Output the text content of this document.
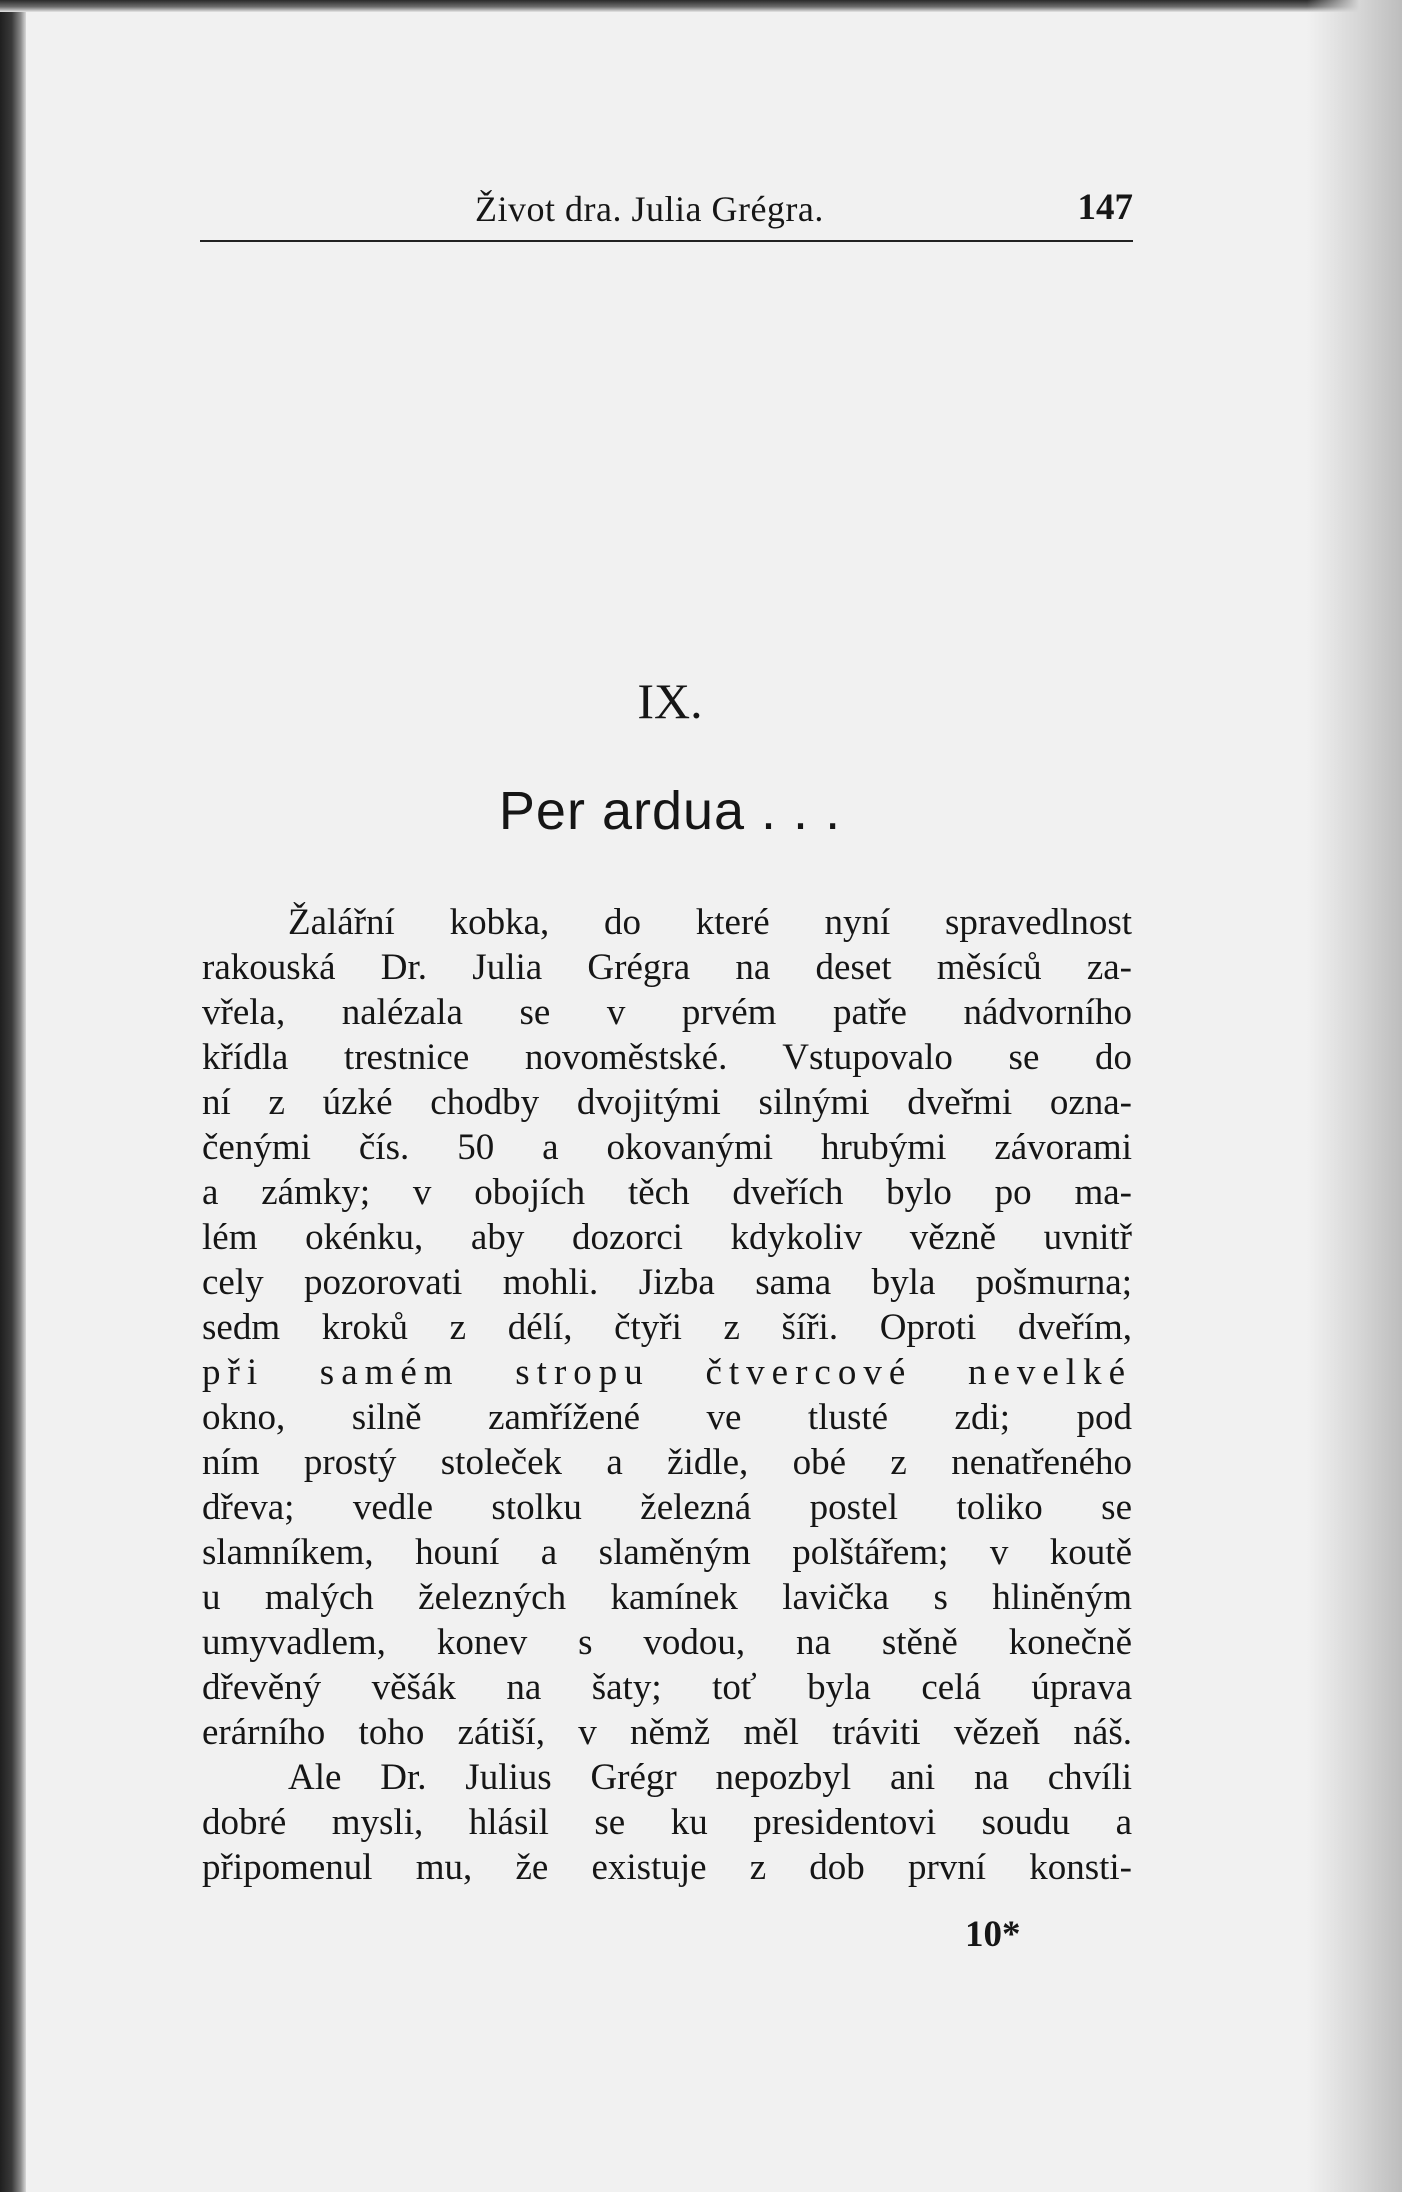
Život dra. Julia Grégra.	147
IX.
Per ardua . . .
Žalářní kobka, do které nyní spravedlnost
rakouská Dr. Julia Grégra na deset měsíců za-
vřela, nalézala se v prvém patře nádvorního
křídla trestnice novoměstské. Vstupovalo se do
ní z úzké chodby dvojitými silnými dveřmi ozna-
čenými čís. 50 a okovanými hrubými závorami
a zámky; v obojích těch dveřích bylo po ma-
lém okénku, aby dozorci kdykoliv vězně uvnitř
cely pozorovati mohli. Jizba sama byla pošmurna;
sedm kroků z délí, čtyři z šíři. Oproti dveřím,
při samém stropu čtvercové nevelké
okno, silně zamřížené ve tlusté zdi; pod
ním prostý stoleček a židle, obé z nenatřeného
dřeva; vedle stolku železná postel toliko se
slamníkem, houní a slaměným polštářem; v koutě
u malých železných kamínek lavička s hliněným
umyvadlem, konev s vodou, na stěně konečně
dřevěný věšák na šaty; toť byla celá úprava
erárního toho zátiší, v němž měl tráviti vězeň náš.
Ale Dr. Julius Grégr nepozbyl ani na chvíli
dobré mysli, hlásil se ku presidentovi soudu a
připomenul mu, že existuje z dob první konsti-
10*
